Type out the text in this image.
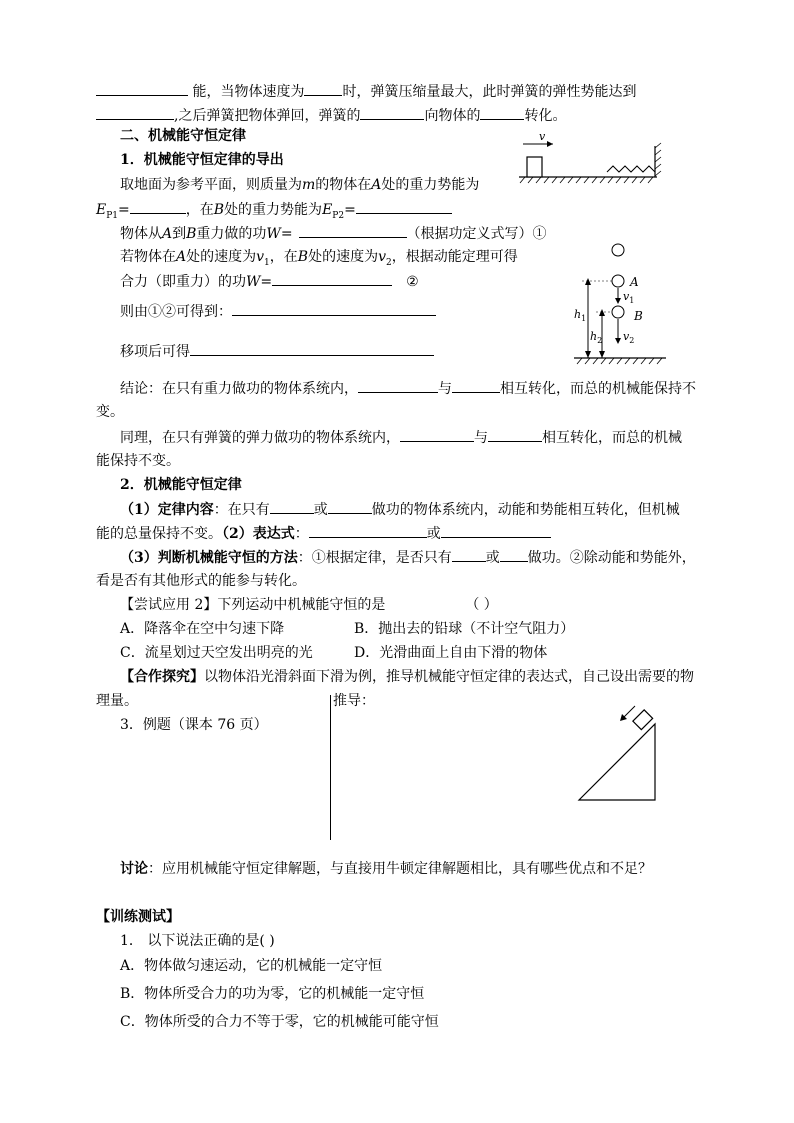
能，当物体速度为	时，弹簧压缩量最大，此时弹簧的弹性势能达到
,之后弹簧把物体弹回，弹簧的	向物体的	转化。
二、机械能守恒定律
1．机械能守恒定律的导出
取地面为参考平面，则质量为m的物体在A处的重力势能为
$E_{P1}=$	，在B处的重力势能为$E_{P2}=$
物体从A到B重力做的功W=	（根据功定义式写）①
若物体在A处的速度为$v_1$，在B处的速度为$v_2$，根据动能定理可得
合力（即重力）的功W=	②
则由①②可得到：
移项后可得
结论：在只有重力做功的物体系统内，	与	相互转化，而总的机械能保持不
变。
同理，在只有弹簧的弹力做功的物体系统内，	与	相互转化，而总的机械
能保持不变。
2．机械能守恒定律
（1）定律内容：在只有	或	做功的物体系统内，动能和势能相互转化，但机械
能的总量保持不变。（2）表达式：	或
（3）判断机械能守恒的方法：①根据定律，是否只有 或 做功。②除动能和势能外，
看是否有其他形式的能参与转化。
【尝试应用 2】下列运动中机械能守恒的是	（ ）
A．降落伞在空中匀速下降	B．抛出去的铅球（不计空气阻力）
C．流星划过天空发出明亮的光	D．光滑曲面上自由下滑的物体
【合作探究】以物体沿光滑斜面下滑为例，推导机械能守恒定律的表达式，自己设出需要的物
理量。	推导：
3．例题（课本 76 页）
讨论：应用机械能守恒定律解题，与直接用牛顿定律解题相比，具有哪些优点和不足？
【训练测试】
1． 以下说法正确的是( )
A．物体做匀速运动，它的机械能一定守恒
B．物体所受合力的功为零，它的机械能一定守恒
C．物体所受的合力不等于零，它的机械能可能守恒
v
A
B
$v_1$
$v_2$
$h_1$
$h_2$
